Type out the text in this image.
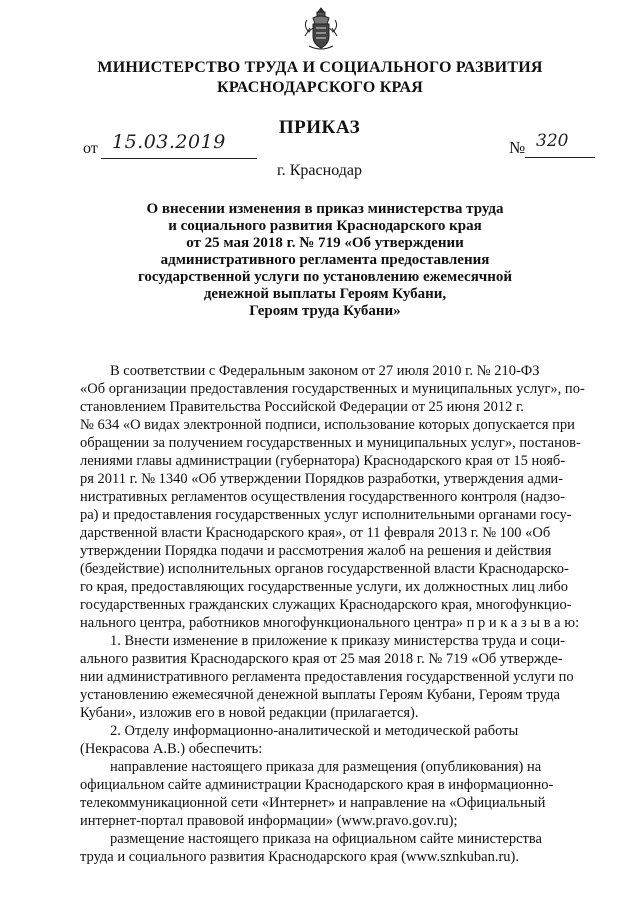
МИНИСТЕРСТВО ТРУДА И СОЦИАЛЬНОГО РАЗВИТИЯ
КРАСНОДАРСКОГО КРАЯ
ПРИКАЗ
от 15.03.2019	№ 320
г. Краснодар
О внесении изменения в приказ министерства труда
и социального развития Краснодарского края
от 25 мая 2018 г. № 719 «Об утверждении
административного регламента предоставления
государственной услуги по установлению ежемесячной
денежной выплаты Героям Кубани,
Героям труда Кубани»
В соответствии с Федеральным законом от 27 июля 2010 г. № 210-ФЗ
«Об организации предоставления государственных и муниципальных услуг», по-
становлением Правительства Российской Федерации от 25 июня 2012 г.
№ 634 «О видах электронной подписи, использование которых допускается при
обращении за получением государственных и муниципальных услуг», постанов-
лениями главы администрации (губернатора) Краснодарского края от 15 нояб-
ря 2011 г. № 1340 «Об утверждении Порядков разработки, утверждения адми-
нистративных регламентов осуществления государственного контроля (надзо-
ра) и предоставления государственных услуг исполнительными органами госу-
дарственной власти Краснодарского края», от 11 февраля 2013 г. № 100 «Об
утверждении Порядка подачи и рассмотрения жалоб на решения и действия
(бездействие) исполнительных органов государственной власти Краснодарско-
го края, предоставляющих государственные услуги, их должностных лиц либо
государственных гражданских служащих Краснодарского края, многофункцио-
нального центра, работников многофункционального центра» п р и к а з ы в а ю:
1. Внести изменение в приложение к приказу министерства труда и соци-
ального развития Краснодарского края от 25 мая 2018 г. № 719 «Об утвержде-
нии административного регламента предоставления государственной услуги по
установлению ежемесячной денежной выплаты Героям Кубани, Героям труда
Кубани», изложив его в новой редакции (прилагается).
2. Отделу информационно-аналитической и методической работы
(Некрасова А.В.) обеспечить:
направление настоящего приказа для размещения (опубликования) на
официальном сайте администрации Краснодарского края в информационно-
телекоммуникационной сети «Интернет» и направление на «Официальный
интернет-портал правовой информации» (www.pravo.gov.ru);
размещение настоящего приказа на официальном сайте министерства
труда и социального развития Краснодарского края (www.sznkuban.ru).
